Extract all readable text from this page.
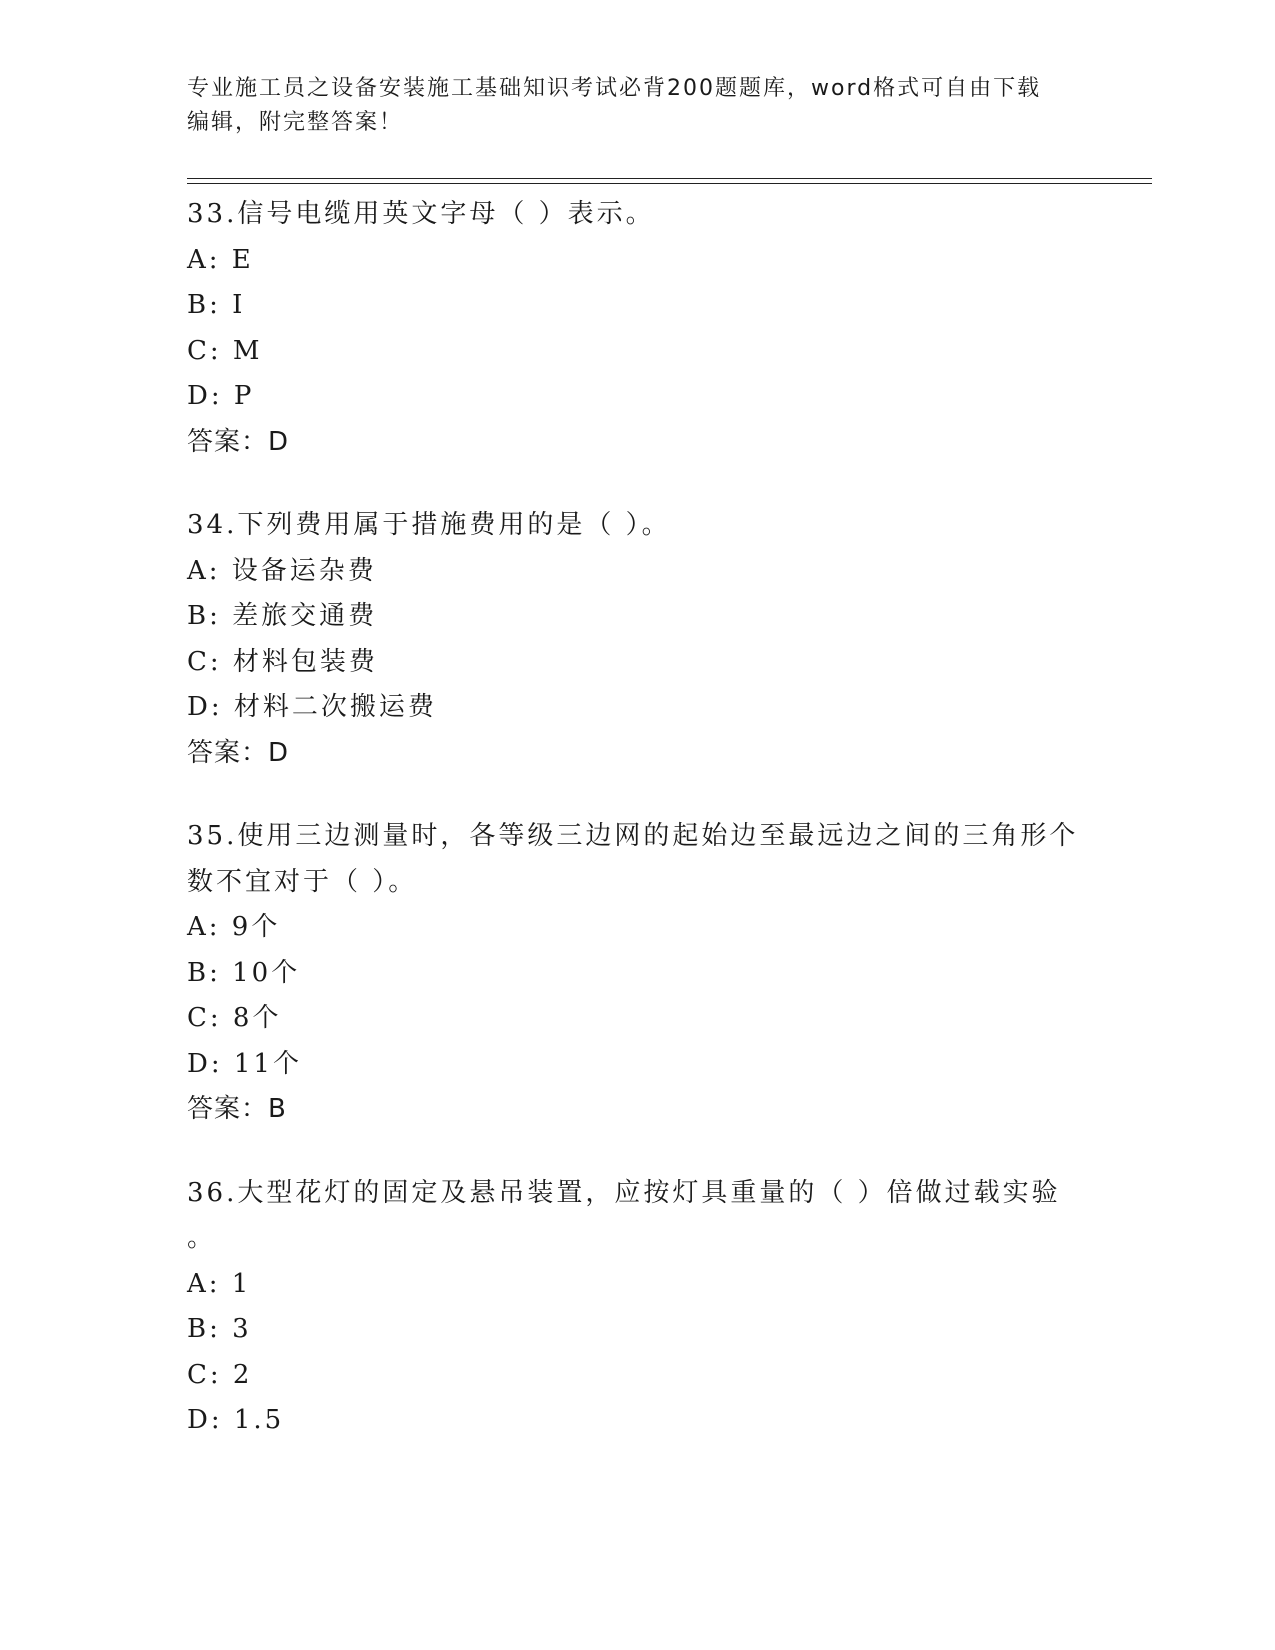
专业施工员之设备安装施工基础知识考试必背200题题库，word格式可自由下载
编辑，附完整答案！
33.信号电缆用英文字母（ ）表示。
A: E
B: I
C: M
D: P
答案：D
34.下列费用属于措施费用的是（ ）。
A: 设备运杂费
B: 差旅交通费
C: 材料包装费
D: 材料二次搬运费
答案：D
35.使用三边测量时，各等级三边网的起始边至最远边之间的三角形个
数不宜对于（ ）。
A: 9个
B: 10个
C: 8个
D: 11个
答案：B
36.大型花灯的固定及悬吊装置，应按灯具重量的（ ）倍做过载实验
。
A: 1
B: 3
C: 2
D: 1.5
